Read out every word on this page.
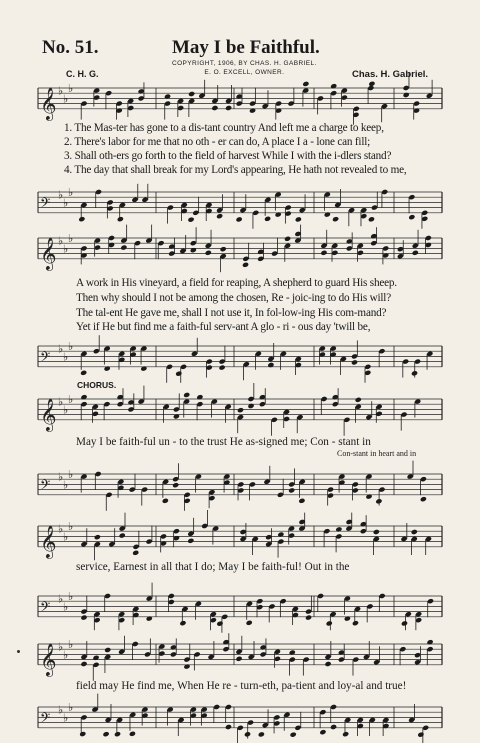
No. 51.	May I be Faithful.
COPYRIGHT, 1906, BY CHAS. H. GABRIEL.
E. O. EXCELL, OWNER.
C. H. G.	Chas. H. Gabriel.
𝄞 ♭
♭
♭
1. The Mas-ter has gone to a dis-tant country And left me a charge to keep,
2. There's labor for me that no oth - er can do, A place I a - lone can fill;
3. Shall oth-ers go forth to the field of harvest While I with the i-dlers stand?
4. The day that shall break for my Lord's appearing, He hath not revealed to me,
𝄢 ♭
♭
♭
𝄞 ♭
♭
♭
A work in His vineyard, a field for reaping, A shepherd to guard His sheep.
Then why should I not be among the chosen, Re - joic-ing to do His will?
The tal-ent He gave me, shall I not use it, In fol-low-ing His com-mand?
Yet if He but find me a faith-ful serv-ant A glo - ri - ous day 'twill be,
𝄢 ♭
♭
♭
CHORUS.
𝄞 ♭
♭
♭
May I be faith-ful un - to the trust He as-signed me; Con - stant in
Con-stant in heart and in
𝄢 ♭
♭
♭
𝄞 ♭
♭
♭
service, Earnest in all that I do; May I be faith-ful! Out in the
𝄢 ♭
♭
♭
𝄞 ♭
♭
♭
field may He find me, When He re - turn-eth, pa-tient and loy-al and true!
𝄢 ♭
♭
♭
